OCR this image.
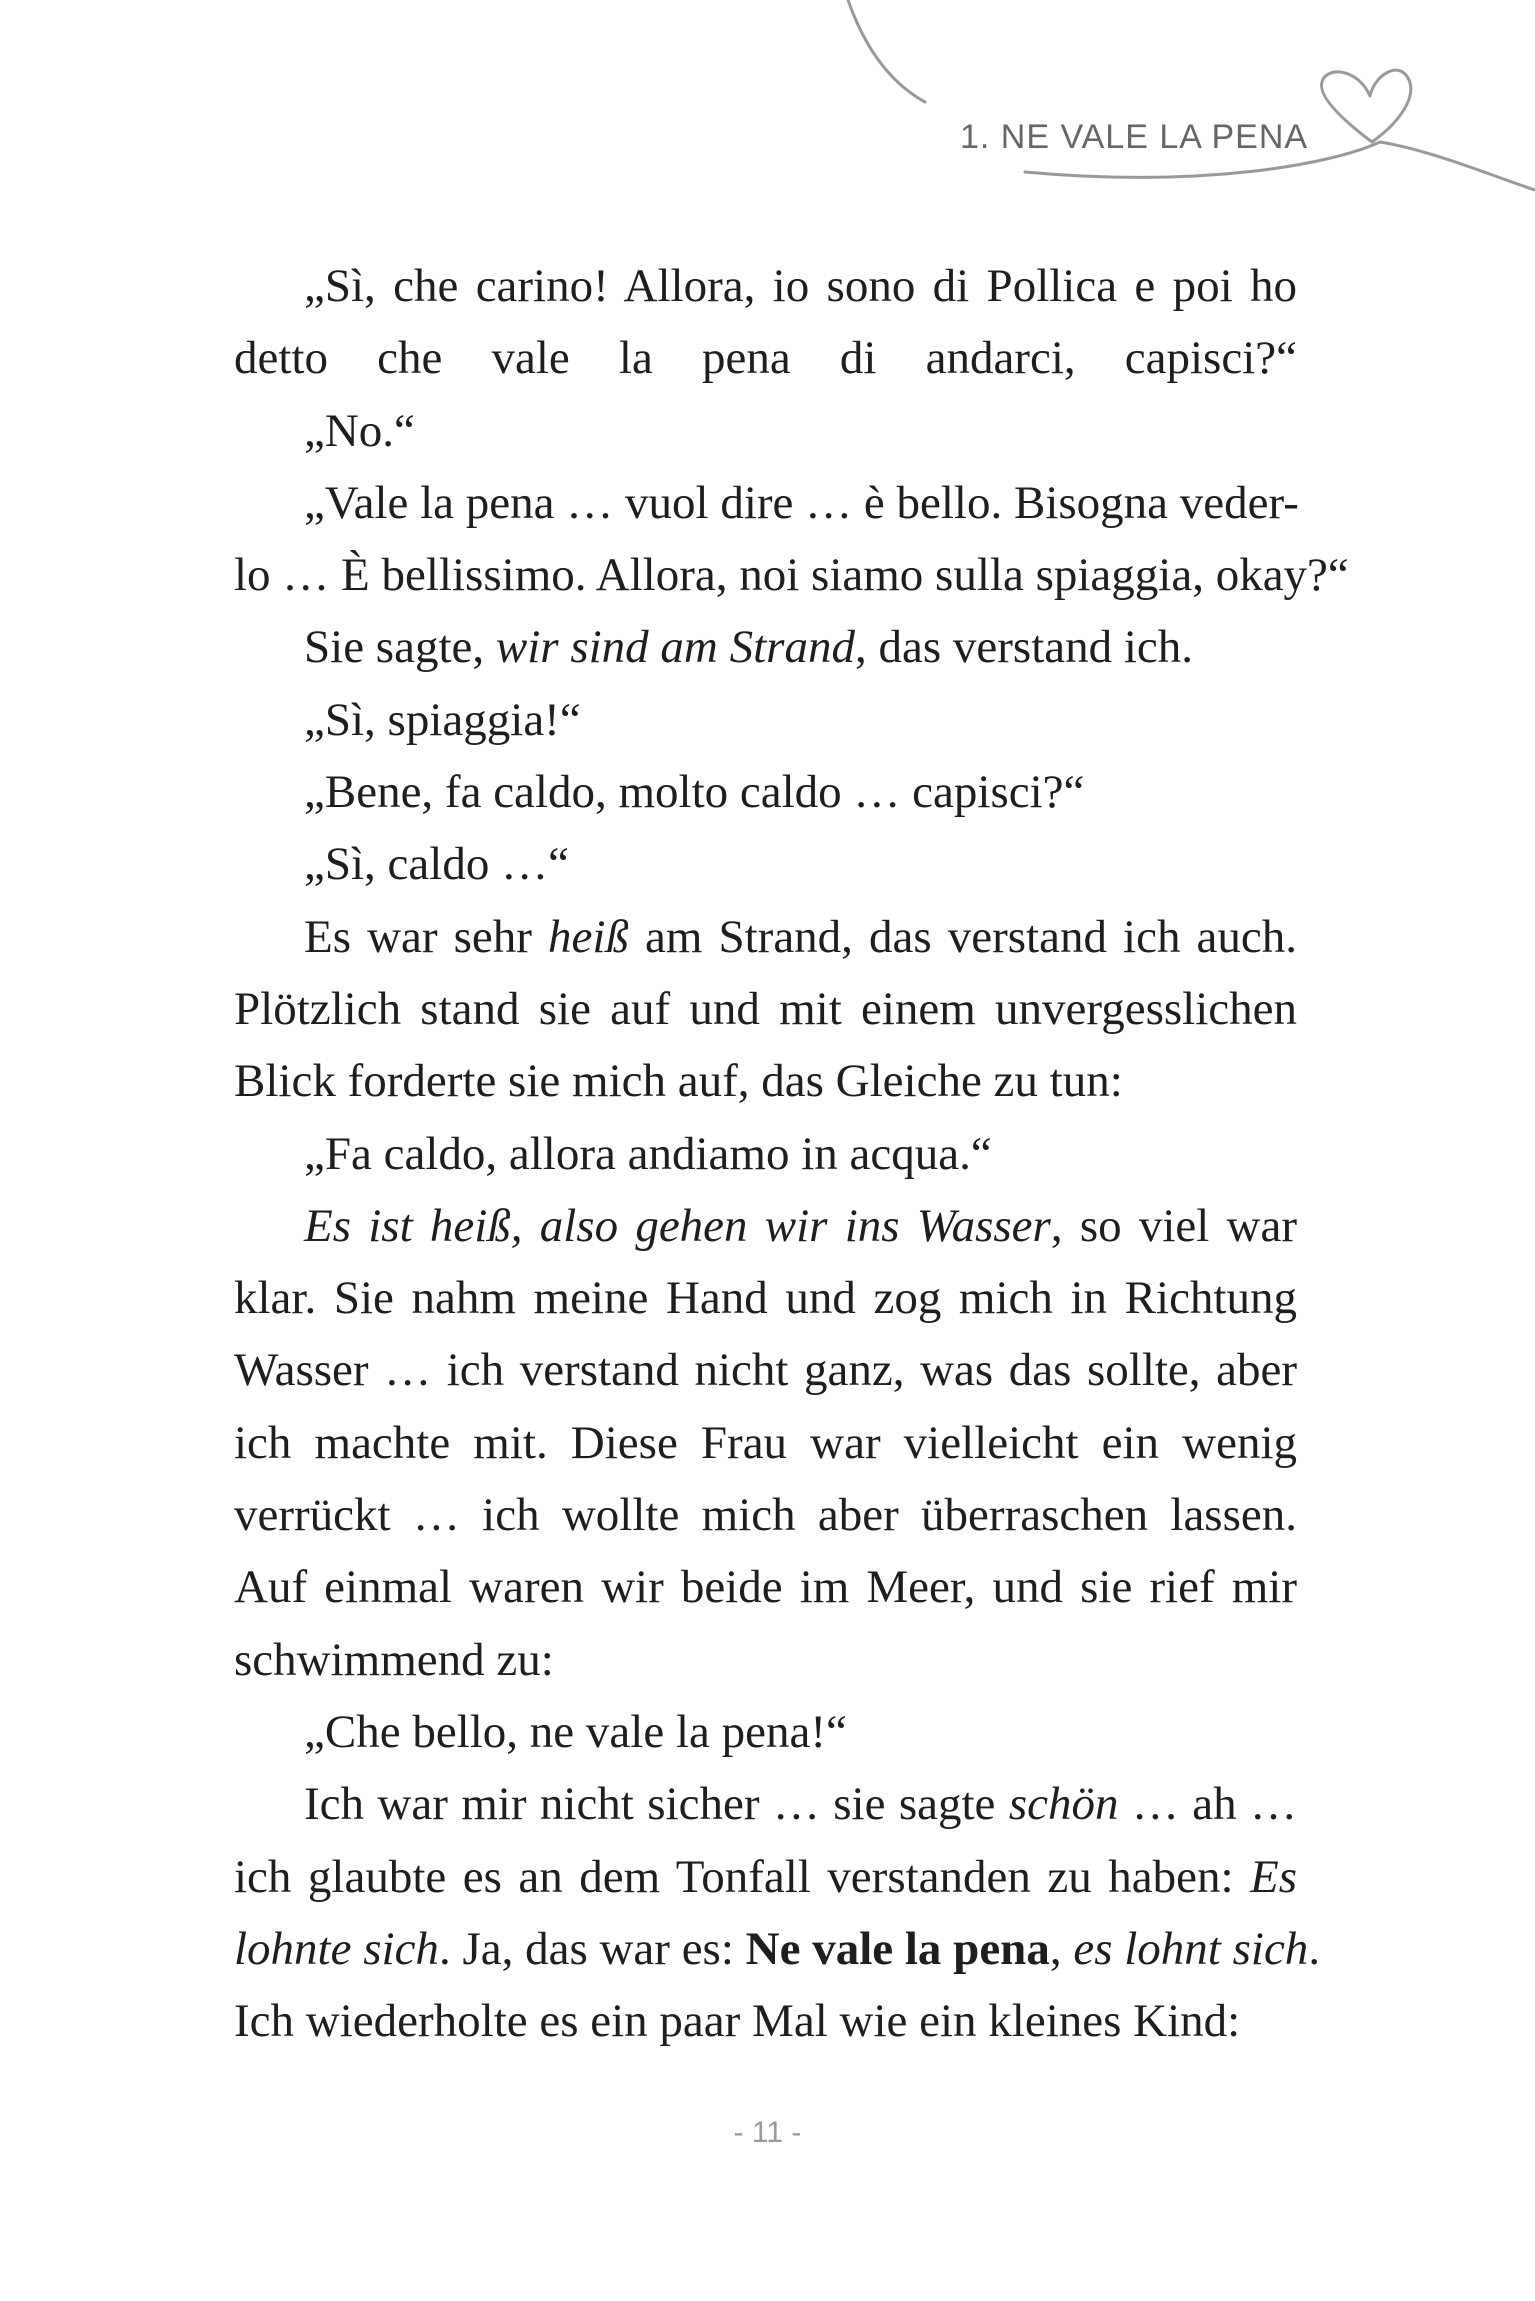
1. NE VALE LA PENA
„Sì, che carino! Allora, io sono di Pollica e poi ho
detto che vale la pena di andarci, capisci?“
„No.“
„Vale la pena … vuol dire … è bello. Bisogna veder-
lo … È bellissimo. Allora, noi siamo sulla spiaggia, okay?“
Sie sagte, wir sind am Strand, das verstand ich.
„Sì, spiaggia!“
„Bene, fa caldo, molto caldo … capisci?“
„Sì, caldo …“
Es war sehr heiß am Strand, das verstand ich auch.
Plötzlich stand sie auf und mit einem unvergesslichen
Blick forderte sie mich auf, das Gleiche zu tun:
„Fa caldo, allora andiamo in acqua.“
Es ist heiß, also gehen wir ins Wasser, so viel war
klar. Sie nahm meine Hand und zog mich in Richtung
Wasser … ich verstand nicht ganz, was das sollte, aber
ich machte mit. Diese Frau war vielleicht ein wenig
verrückt … ich wollte mich aber überraschen lassen.
Auf einmal waren wir beide im Meer, und sie rief mir
schwimmend zu:
„Che bello, ne vale la pena!“
Ich war mir nicht sicher … sie sagte schön … ah …
ich glaubte es an dem Tonfall verstanden zu haben: Es
lohnte sich. Ja, das war es: Ne vale la pena, es lohnt sich.
Ich wiederholte es ein paar Mal wie ein kleines Kind:
- 11 -
